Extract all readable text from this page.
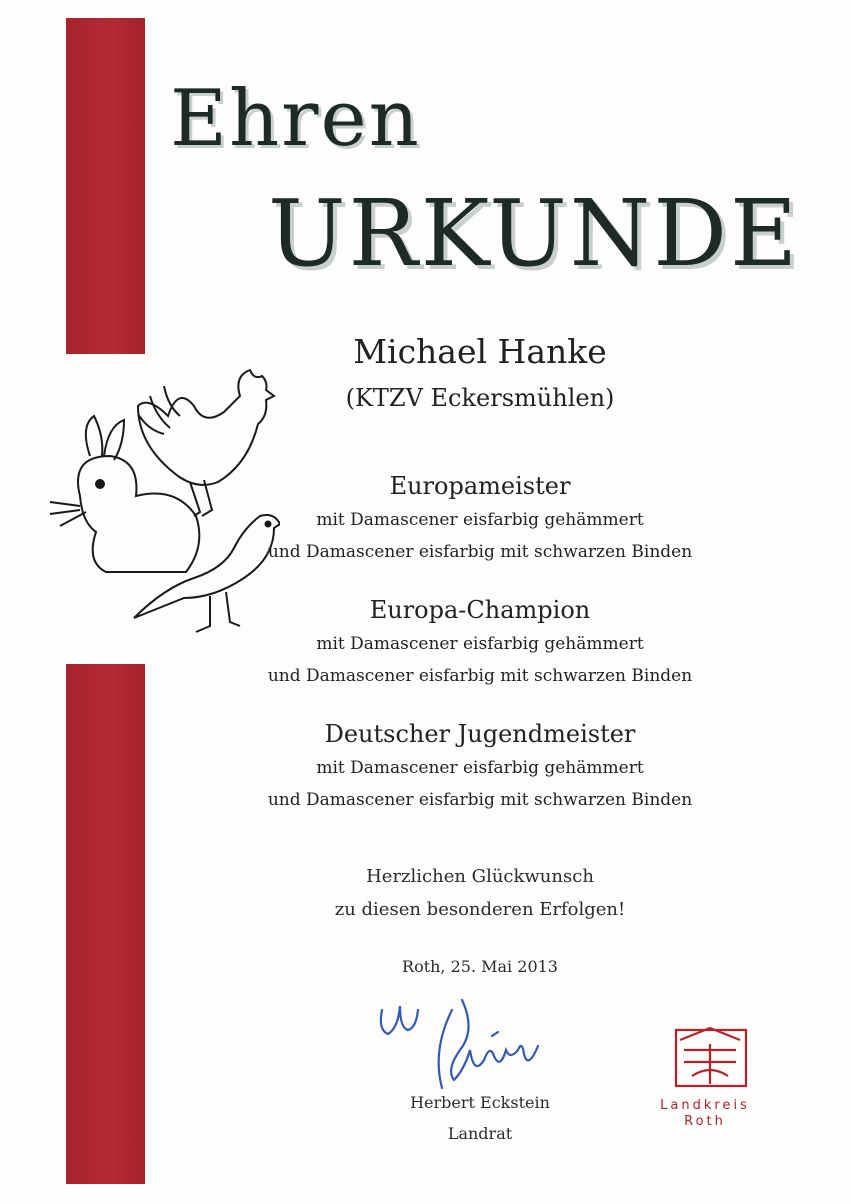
Ehren
URKUNDE
Michael Hanke
(KTZV Eckersmühlen)
Europameister
mit Damascener eisfarbig gehämmert
und Damascener eisfarbig mit schwarzen Binden
Europa-Champion
mit Damascener eisfarbig gehämmert
und Damascener eisfarbig mit schwarzen Binden
Deutscher Jugendmeister
mit Damascener eisfarbig gehämmert
und Damascener eisfarbig mit schwarzen Binden
Herzlichen Glückwunsch
zu diesen besonderen Erfolgen!
Roth, 25. Mai 2013
Herbert Eckstein
Landrat
Landkreis
Roth
